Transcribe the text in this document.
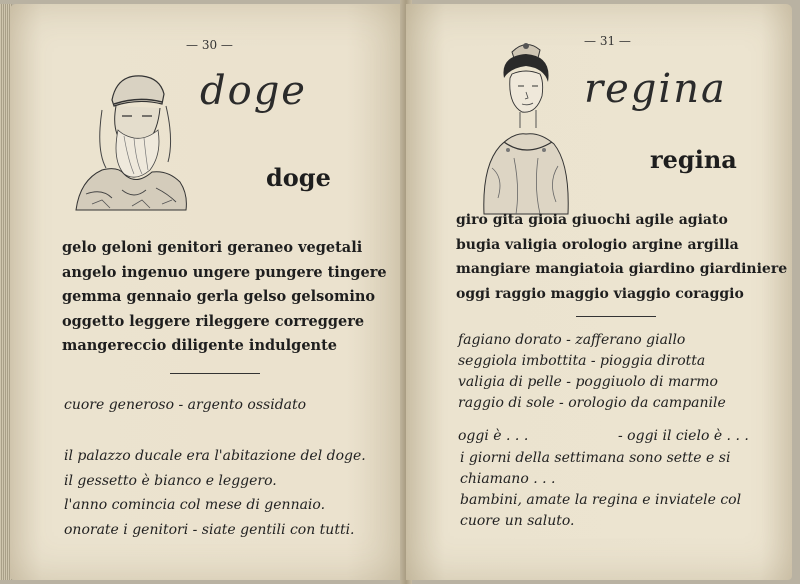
— 30 —
doge
doge
gelo geloni genitori geraneo vegetali
angelo ingenuo ungere pungere tingere
gemma gennaio gerla gelso gelsomino
oggetto leggere rileggere correggere
mangereccio diligente indulgente
cuore generoso - argento ossidato
il palazzo ducale era l'abitazione del doge.
il gessetto è bianco e leggero.
l'anno comincia col mese di gennaio.
onorate i genitori - siate gentili con tutti.
— 31 —
regina
regina
giro gita gioia giuochi agile agiato
bugia valigia orologio argine argilla
mangiare mangiatoia giardino giardiniere
oggi raggio maggio viaggio coraggio
fagiano dorato - zafferano giallo
seggiola imbottita - pioggia dirotta
valigia di pelle - poggiuolo di marmo
raggio di sole - orologio da campanile
oggi è . . .	- oggi il cielo è . . .
i giorni della settimana sono sette e si
chiamano . . .
bambini, amate la regina e inviatele col
cuore un saluto.
